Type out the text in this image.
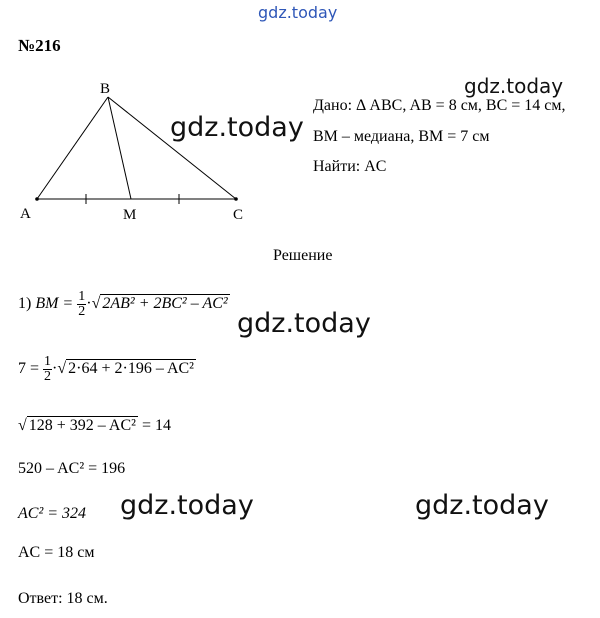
gdz.today
gdz.today
gdz.today
gdz.today
gdz.today	gdz.today
№216
B
A	M	C
Дано: Δ ABC, AB = 8 см, BC = 14 см,
BM – медиана, BM = 7 см
Найти: AC
Решение
1) BM = $\frac{1}{2}$ ·√ 2AB² + 2BC² – AC²
$7 = \frac{1}{2}$ ·√ 2·64 + 2·196 – AC²
√ 128 + 392 – AC² = 14
520 – AC² = 196
AC² = 324
AC = 18 см
Ответ: 18 см.
